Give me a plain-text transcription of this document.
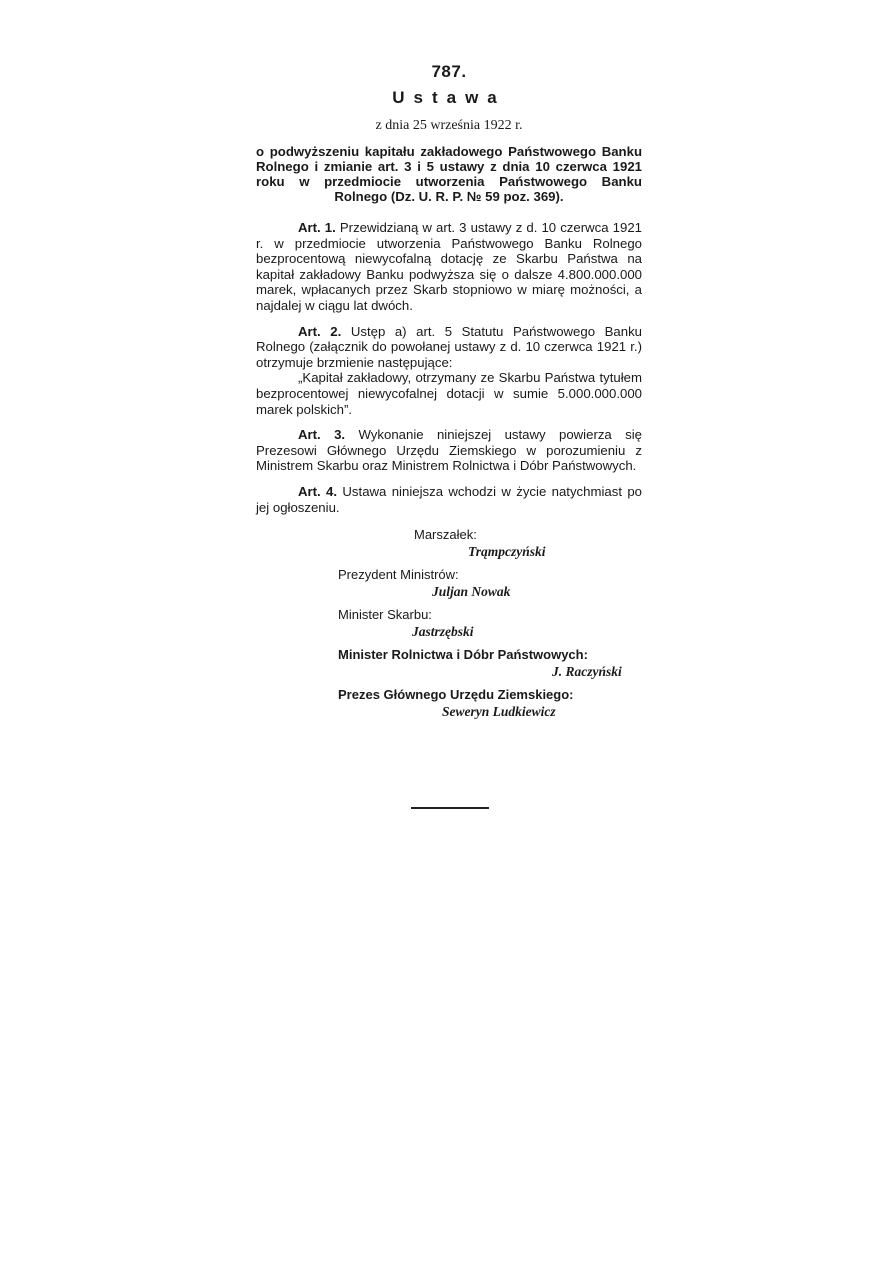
787.
Ustawa
z dnia 25 września 1922 r.
o podwyższeniu kapitału zakładowego Państwowego Banku Rolnego i zmianie art. 3 i 5 ustawy z dnia 10 czerwca 1921 roku w przedmiocie utworzenia Państwowego Banku Rolnego (Dz. U. R. P. № 59 poz. 369).

Art. 1. Przewidzianą w art. 3 ustawy z d. 10 czerwca 1921 r. w przedmiocie utworzenia Państwowego Banku Rolnego bezprocentową niewycofalną dotację ze Skarbu Państwa na kapitał zakładowy Banku podwyższa się o dalsze 4.800.000.000 marek, wpłacanych przez Skarb stopniowo w miarę możności, a najdalej w ciągu lat dwóch.

Art. 2. Ustęp a) art. 5 Statutu Państwowego Banku Rolnego (załącznik do powołanej ustawy z d. 10 czerwca 1921 r.) otrzymuje brzmienie następujące:
„Kapitał zakładowy, otrzymany ze Skarbu Państwa tytułem bezprocentowej niewycofalnej dotacji w sumie 5.000.000.000 marek polskich”.

Art. 3. Wykonanie niniejszej ustawy powierza się Prezesowi Głównego Urzędu Ziemskiego w porozumieniu z Ministrem Skarbu oraz Ministrem Rolnictwa i Dóbr Państwowych.

Art. 4. Ustawa niniejsza wchodzi w życie natychmiast po jej ogłoszeniu.

Marszałek:
Trąmpczyński
Prezydent Ministrów:
Juljan Nowak
Minister Skarbu:
Jastrzębski
Minister Rolnictwa i Dóbr Państwowych:
J. Raczyński
Prezes Głównego Urzędu Ziemskiego:
Seweryn Ludkiewicz
